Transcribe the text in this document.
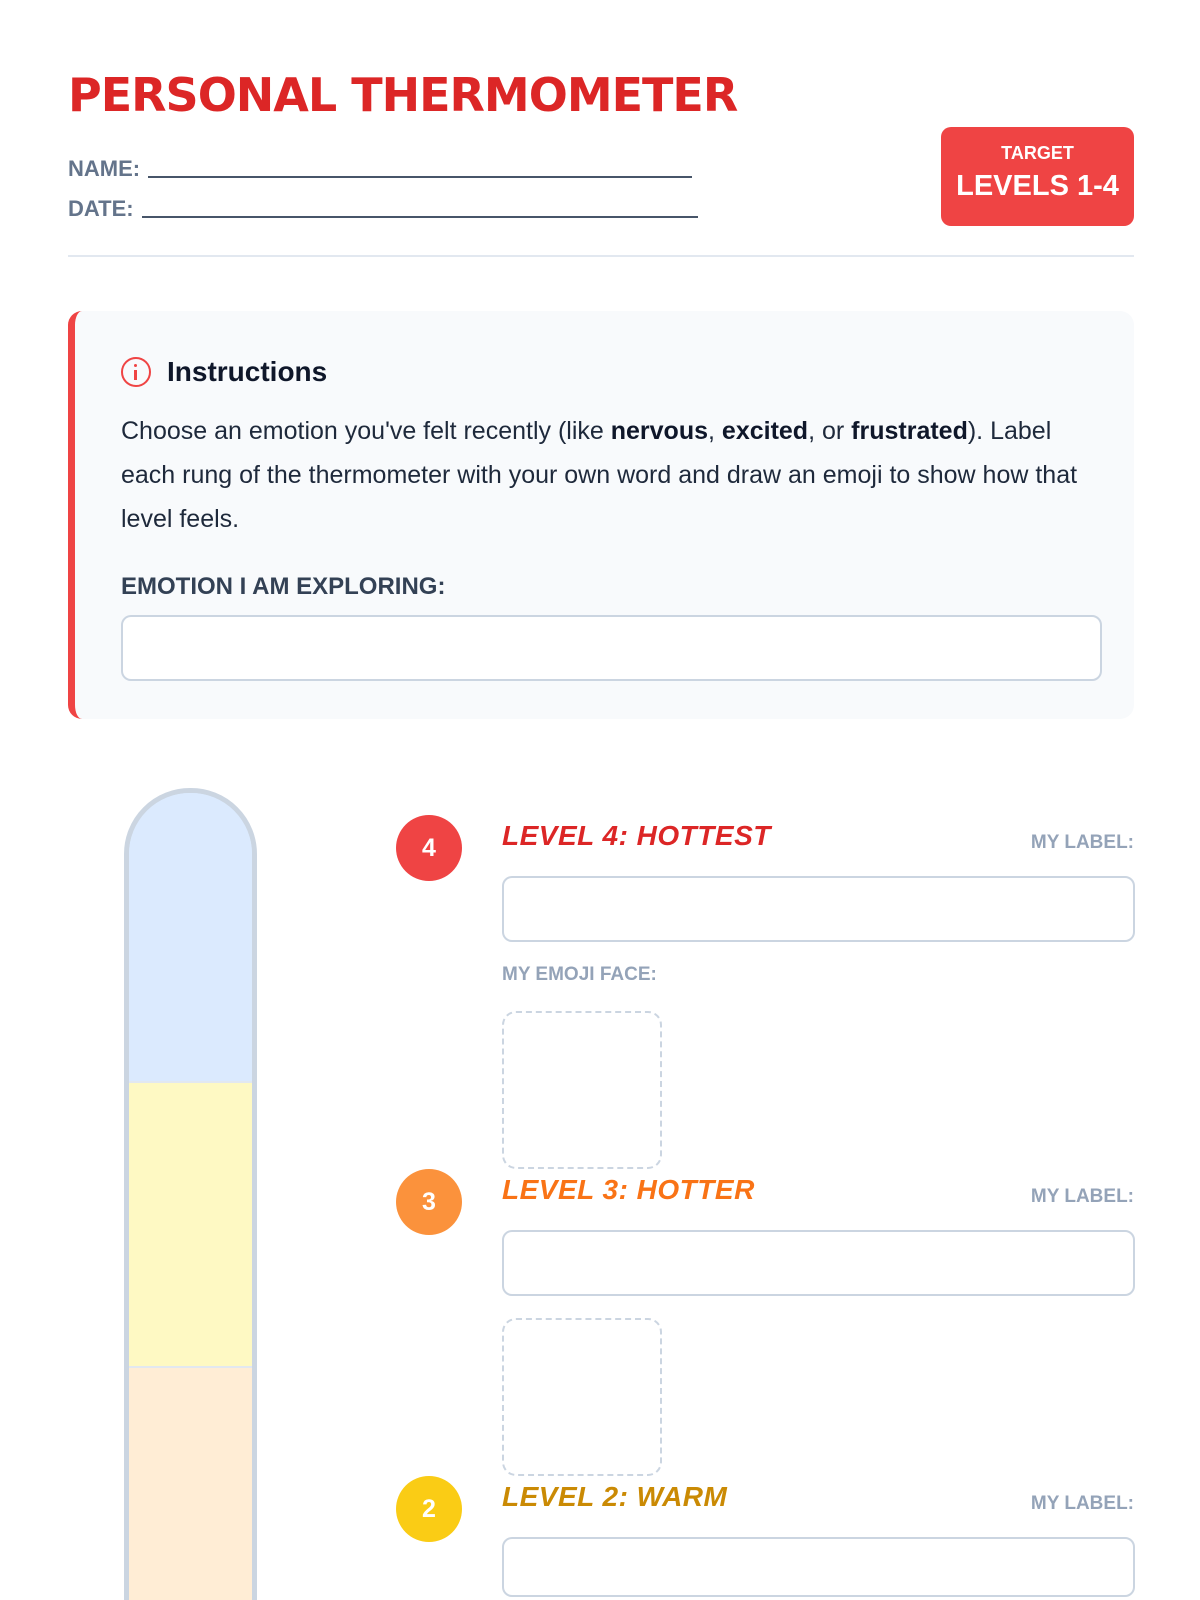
PERSONAL THERMOMETER
NAME:
DATE:
TARGET
LEVELS 1-4
Instructions
Choose an emotion you've felt recently (like nervous, excited, or frustrated). Label each rung of the thermometer with your own word and draw an emoji to show how that level feels.
EMOTION I AM EXPLORING:
4	LEVEL 4: HOTTEST	MY LABEL:
MY EMOJI FACE:
3	LEVEL 3: HOTTER	MY LABEL:
2	LEVEL 2: WARM	MY LABEL:
